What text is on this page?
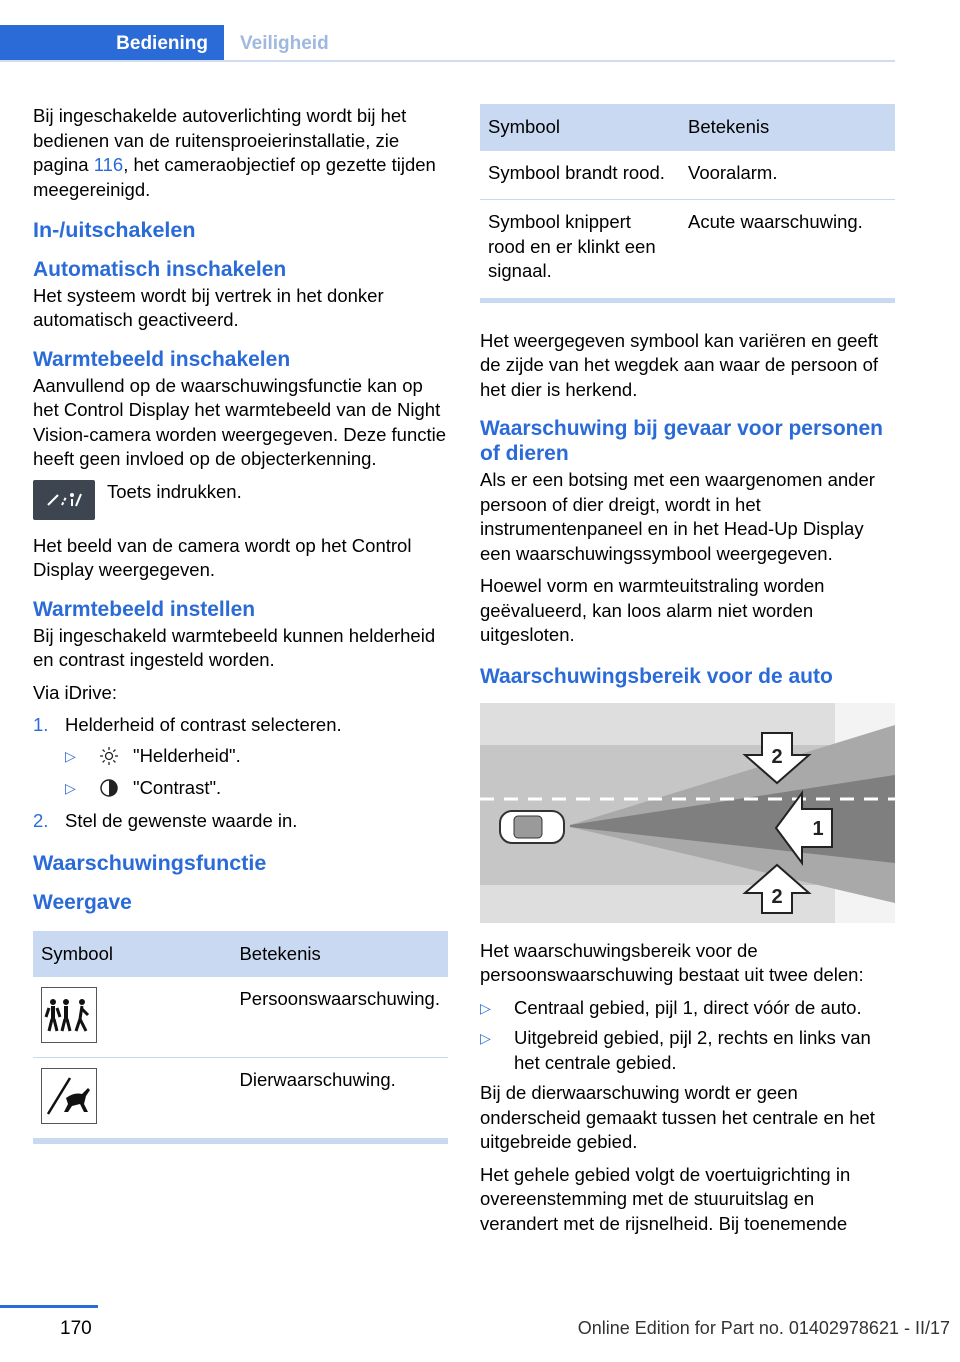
Bediening	Veiligheid

Bij ingeschakelde autoverlichting wordt bij het bedienen van de ruitensproeierinstallatie, zie pagina 116, het cameraobjectief op gezette tijden meegereinigd.

In-/uitschakelen
Automatisch inschakelen

Het systeem wordt bij vertrek in het donker automatisch geactiveerd.

Warmtebeeld inschakelen

Aanvullend op de waarschuwingsfunctie kan op het Control Display het warmtebeeld van de Night Vision-camera worden weergegeven. Deze functie heeft geen invloed op de objecterkenning.

Toets indrukken.

Het beeld van de camera wordt op het Control Display weergegeven.

Warmtebeeld instellen

Bij ingeschakeld warmtebeeld kunnen helderheid en contrast ingesteld worden.

Via iDrive:

1. Helderheid of contrast selecteren.
▷	"Helderheid".
▷	"Contrast".
2. Stel de gewenste waarde in.
Waarschuwingsfunctie
Weergave
Symbool	Betekenis

	Persoonswaarschuwing.

	Dierwaarschuwing.
Symbool	Betekenis
Symbool brandt rood.	Vooralarm.
Symbool knippert rood en er klinkt een signaal.	Acute waarschuwing.

Het weergegeven symbool kan variëren en geeft de zijde van het wegdek aan waar de persoon of het dier is herkend.

Waarschuwing bij gevaar voor personen of dieren

Als er een botsing met een waargenomen ander persoon of dier dreigt, wordt in het instrumentenpaneel en in het Head-Up Display een waarschuwingssymbool weergegeven.

Hoewel vorm en warmteuitstraling worden geëvalueerd, kan loos alarm niet worden uitgesloten.

Waarschuwingsbereik voor de auto
2
1
2

Het waarschuwingsbereik voor de persoonswaarschuwing bestaat uit twee delen:

▷	Centraal gebied, pijl 1, direct vóór de auto.
▷	Uitgebreid gebied, pijl 2, rechts en links van het centrale gebied.

Bij de dierwaarschuwing wordt er geen onderscheid gemaakt tussen het centrale en het uitgebreide gebied.

Het gehele gebied volgt de voertuigrichting in overeenstemming met de stuuruitslag en verandert met de rijsnelheid. Bij toenemende

170	Online Edition for Part no. 01402978621 - II/17
